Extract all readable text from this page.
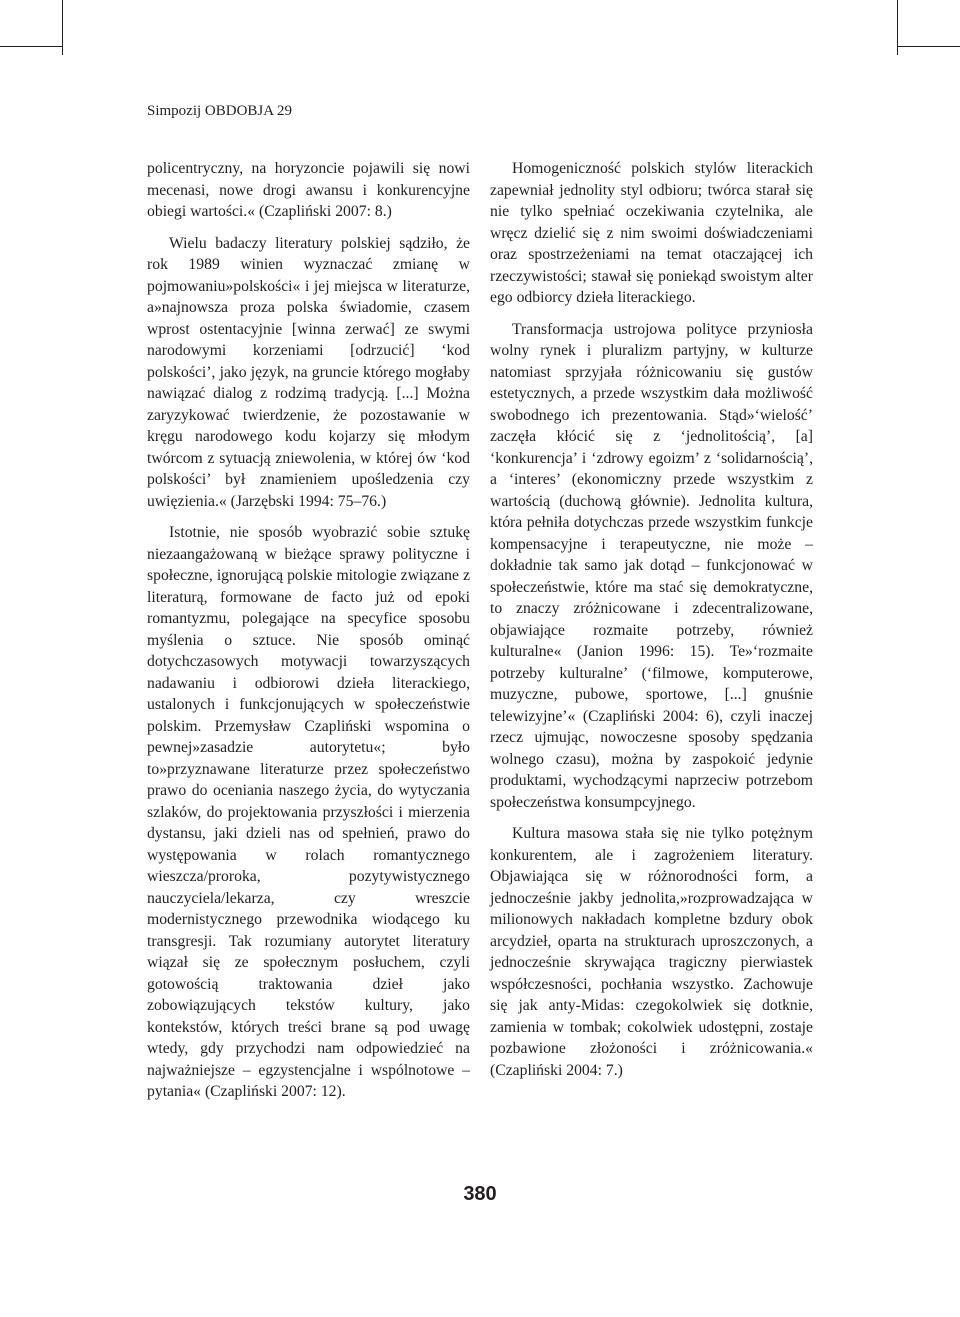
Simpozij OBDOBJA 29

policentryczny, na horyzoncie pojawili się nowi mecenasi, nowe drogi awansu i konkurencyjne obiegi wartości.« (Czapliński 2007: 8.)

Wielu badaczy literatury polskiej sądziło, że rok 1989 winien wyznaczać zmianę w pojmowaniu»polskości« i jej miejsca w literaturze, a»najnowsza proza polska świadomie, czasem wprost ostentacyjnie [winna zerwać] ze swymi narodowymi korzeniami [odrzucić] ‘kod polskości’, jako język, na gruncie którego mogłaby nawiązać dialog z rodzimą tradycją. [...] Można zaryzykować twierdzenie, że pozostawanie w kręgu narodowego kodu kojarzy się młodym twórcom z sytuacją zniewolenia, w której ów ‘kod polskości’ był znamieniem upośledzenia czy uwięzienia.« (Jarzębski 1994: 75–76.)

Istotnie, nie sposób wyobrazić sobie sztukę niezaangażowaną w bieżące sprawy polityczne i społeczne, ignorującą polskie mitologie związane z literaturą, formowane de facto już od epoki romantyzmu, polegające na specyfice sposobu myślenia o sztuce. Nie sposób ominąć dotychczasowych motywacji towarzyszących nadawaniu i odbiorowi dzieła literackiego, ustalonych i funkcjonujących w społeczeństwie polskim. Przemysław Czapliński wspomina o pewnej»zasadzie autorytetu«; było to»przyznawane literaturze przez społeczeństwo prawo do oceniania naszego życia, do wytyczania szlaków, do projektowania przyszłości i mierzenia dystansu, jaki dzieli nas od spełnień, prawo do występowania w rolach romantycznego wieszcza/proroka, pozytywistycznego nauczyciela/lekarza, czy wreszcie modernistycznego przewodnika wiodącego ku transgresji. Tak rozumiany autorytet literatury wiązał się ze społecznym posłuchem, czyli gotowością traktowania dzieł jako zobowiązujących tekstów kultury, jako kontekstów, których treści brane są pod uwagę wtedy, gdy przychodzi nam odpowiedzieć na najważniejsze – egzystencjalne i wspólnotowe – pytania« (Czapliński 2007: 12).

Homogeniczność polskich stylów literackich zapewniał jednolity styl odbioru; twórca starał się nie tylko spełniać oczekiwania czytelnika, ale wręcz dzielić się z nim swoimi doświadczeniami oraz spostrzeżeniami na temat otaczającej ich rzeczywistości; stawał się poniekąd swoistym alter ego odbiorcy dzieła literackiego.

Transformacja ustrojowa polityce przyniosła wolny rynek i pluralizm partyjny, w kulturze natomiast sprzyjała różnicowaniu się gustów estetycznych, a przede wszystkim dała możliwość swobodnego ich prezentowania. Stąd»‘wielość’ zaczęła kłócić się z ‘jednolitością’, [a] ‘konkurencja’ i ‘zdrowy egoizm’ z ‘solidarnością’, a ‘interes’ (ekonomiczny przede wszystkim z wartością (duchową głównie). Jednolita kultura, która pełniła dotychczas przede wszystkim funkcje kompensacyjne i terapeutyczne, nie może – dokładnie tak samo jak dotąd – funkcjonować w społeczeństwie, które ma stać się demokratyczne, to znaczy zróżnicowane i zdecentralizowane, objawiające rozmaite potrzeby, również kulturalne« (Janion 1996: 15). Te»‘rozmaite potrzeby kulturalne’ (‘filmowe, komputerowe, muzyczne, pubowe, sportowe, [...] gnuśnie telewizyjne’« (Czapliński 2004: 6), czyli inaczej rzecz ujmując, nowoczesne sposoby spędzania wolnego czasu), można by zaspokoić jedynie produktami, wychodzącymi naprzeciw potrzebom społeczeństwa konsumpcyjnego.

Kultura masowa stała się nie tylko potężnym konkurentem, ale i zagrożeniem literatury. Objawiająca się w różnorodności form, a jednocześnie jakby jednolita,»rozprowadzająca w milionowych nakładach kompletne bzdury obok arcydzieł, oparta na strukturach uproszczonych, a jednocześnie skrywająca tragiczny pierwiastek współczesności, pochłania wszystko. Zachowuje się jak anty-Midas: czegokolwiek się dotknie, zamienia w tombak; cokolwiek udostępni, zostaje pozbawione złożoności i zróżnicowania.« (Czapliński 2004: 7.)

380
